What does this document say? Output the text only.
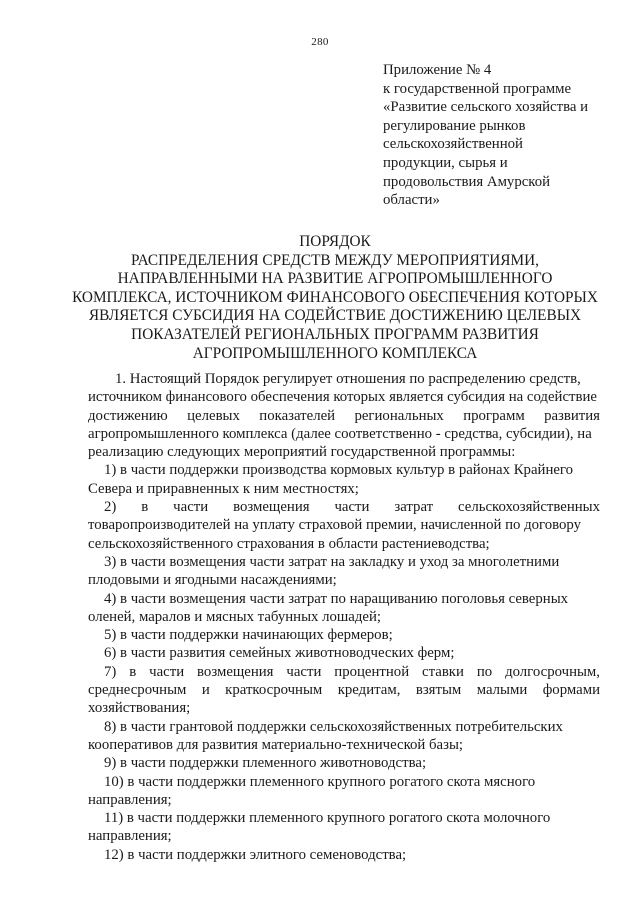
280
Приложение № 4
к государственной программе
«Развитие сельского хозяйства и
регулирование рынков
сельскохозяйственной
продукции, сырья и
продовольствия Амурской
области»
ПОРЯДОК
РАСПРЕДЕЛЕНИЯ СРЕДСТВ МЕЖДУ МЕРОПРИЯТИЯМИ,
НАПРАВЛЕННЫМИ НА РАЗВИТИЕ АГРОПРОМЫШЛЕННОГО
КОМПЛЕКСА, ИСТОЧНИКОМ ФИНАНСОВОГО ОБЕСПЕЧЕНИЯ КОТОРЫХ
ЯВЛЯЕТСЯ СУБСИДИЯ НА СОДЕЙСТВИЕ ДОСТИЖЕНИЮ ЦЕЛЕВЫХ
ПОКАЗАТЕЛЕЙ РЕГИОНАЛЬНЫХ ПРОГРАММ РАЗВИТИЯ
АГРОПРОМЫШЛЕННОГО КОМПЛЕКСА
1. Настоящий Порядок регулирует отношения по распределению средств,
источником финансового обеспечения которых является субсидия на содействие
достижению целевых показателей региональных программ развития
агропромышленного комплекса (далее соответственно - средства, субсидии), на
реализацию следующих мероприятий государственной программы:
1) в части поддержки производства кормовых культур в районах Крайнего
Севера и приравненных к ним местностях;
2) в части возмещения части затрат сельскохозяйственных
товаропроизводителей на уплату страховой премии, начисленной по договору
сельскохозяйственного страхования в области растениеводства;
3) в части возмещения части затрат на закладку и уход за многолетними
плодовыми и ягодными насаждениями;
4) в части возмещения части затрат по наращиванию поголовья северных
оленей, маралов и мясных табунных лошадей;
5) в части поддержки начинающих фермеров;
6) в части развития семейных животноводческих ферм;
7) в части возмещения части процентной ставки по долгосрочным,
среднесрочным и краткосрочным кредитам, взятым малыми формами
хозяйствования;
8) в части грантовой поддержки сельскохозяйственных потребительских
кооперативов для развития материально-технической базы;
9) в части поддержки племенного животноводства;
10) в части поддержки племенного крупного рогатого скота мясного
направления;
11) в части поддержки племенного крупного рогатого скота молочного
направления;
12) в части поддержки элитного семеноводства;
